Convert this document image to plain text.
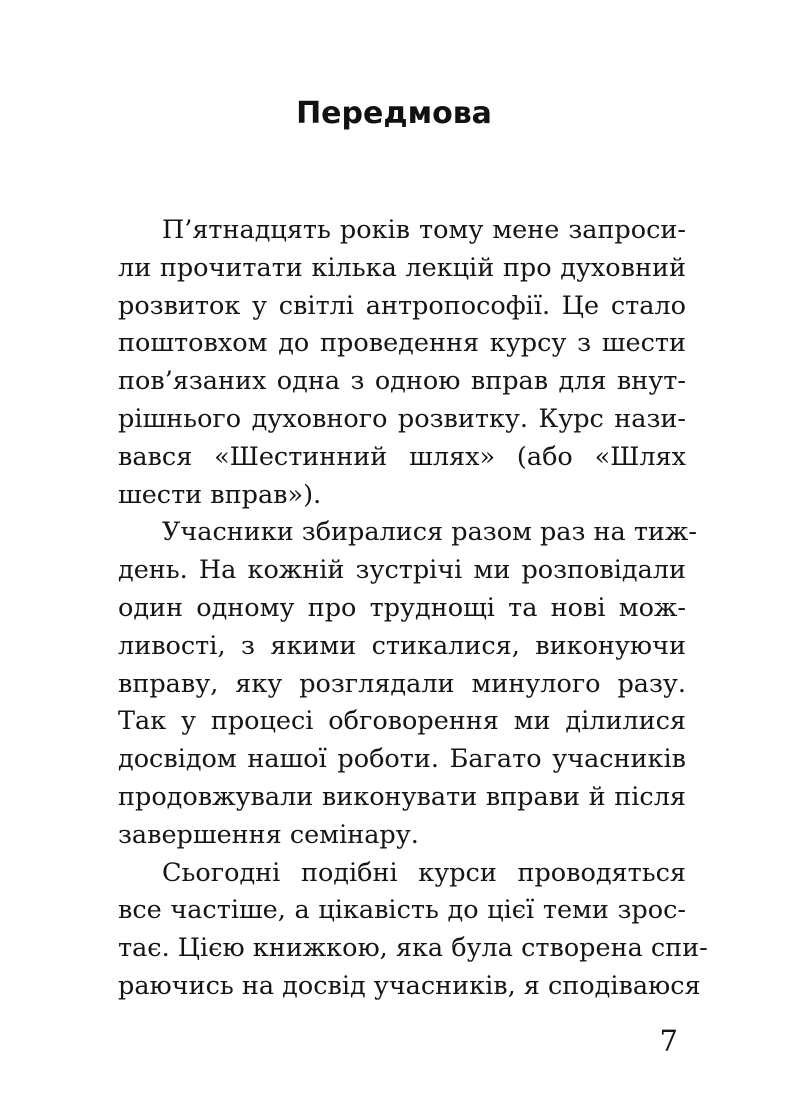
Передмова
П’ятнадцять років тому мене запроси-
ли прочитати кілька лекцій про духовний
розвиток у світлі антропософії. Це стало
поштовхом до проведення курсу з шести
пов’язаних одна з одною вправ для внут-
рішнього духовного розвитку. Курс нази-
вався «Шестинний шлях» (або «Шлях
шести вправ»).
Учасники збиралися разом раз на тиж-
день. На кожній зустрічі ми розповідали
один одному про труднощі та нові мож-
ливості, з якими стикалися, виконуючи
вправу, яку розглядали минулого разу.
Так у процесі обговорення ми ділилися
досвідом нашої роботи. Багато учасників
продовжували виконувати вправи й після
завершення семінару.
Сьогодні подібні курси проводяться
все частіше, а цікавість до цієї теми зрос-
тає. Цією книжкою, яка була створена спи-
раючись на досвід учасників, я сподіваюся
7
